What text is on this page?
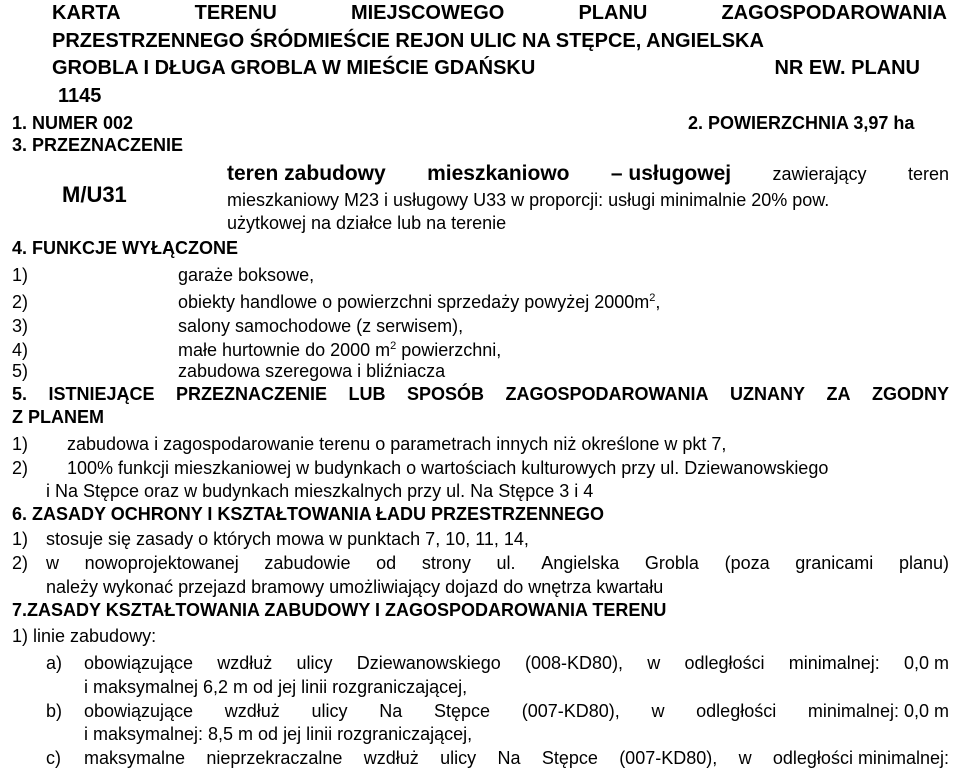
KARTA	TERENU	MIEJSCOWEGO	PLANU	ZAGOSPODAROWANIA
PRZESTRZENNEGO ŚRÓDMIEŚCIE REJON ULIC NA STĘPCE, ANGIELSKA
GROBLA I DŁUGA GROBLA W MIEŚCIE GDAŃSKU	NR EW. PLANU
1145
1. NUMER 002	2. POWIERZCHNIA 3,97 ha
3. PRZEZNACZENIE
M/U31
teren zabudowy mieszkaniowo – usługowej zawierający teren
mieszkaniowy M23 i usługowy U33 w proporcji: usługi minimalnie 20% pow.
użytkowej na działce lub na terenie
4. FUNKCJE WYŁĄCZONE
1)	garaże boksowe,
2)	obiekty handlowe o powierzchni sprzedaży powyżej $2000m^2$,
3)	salony samochodowe (z serwisem),
4)	małe hurtownie do 2000 $m^2$ powierzchni,
5)	zabudowa szeregowa i bliźniacza
5. ISTNIEJĄCE PRZEZNACZENIE LUB SPOSÓB ZAGOSPODAROWANIA UZNANY ZA ZGODNY
Z PLANEM
1) zabudowa i zagospodarowanie terenu o parametrach innych niż określone w pkt 7,
2) 100% funkcji mieszkaniowej w budynkach o wartościach kulturowych przy ul. Dziewanowskiego
i Na Stępce oraz w budynkach mieszkalnych przy ul. Na Stępce 3 i 4
6. ZASADY OCHRONY I KSZTAŁTOWANIA ŁADU PRZESTRZENNEGO
1) stosuje się zasady o których mowa w punktach 7, 10, 11, 14,
2) w nowoprojektowanej zabudowie od strony ul. Angielska Grobla (poza granicami planu)
należy wykonać przejazd bramowy umożliwiający dojazd do wnętrza kwartału
7.ZASADY KSZTAŁTOWANIA ZABUDOWY I ZAGOSPODAROWANIA TERENU
1) linie zabudowy:
a) obowiązujące wzdłuż ulicy Dziewanowskiego (008-KD80), w odległości minimalnej: 0,0 m
i maksymalnej 6,2 m od jej linii rozgraniczającej,
b) obowiązujące wzdłuż ulicy Na Stępce (007-KD80), w odległości minimalnej: 0,0 m
i maksymalnej: 8,5 m od jej linii rozgraniczającej,
c) maksymalne nieprzekraczalne wzdłuż ulicy Na Stępce (007-KD80), w odległości minimalnej:
